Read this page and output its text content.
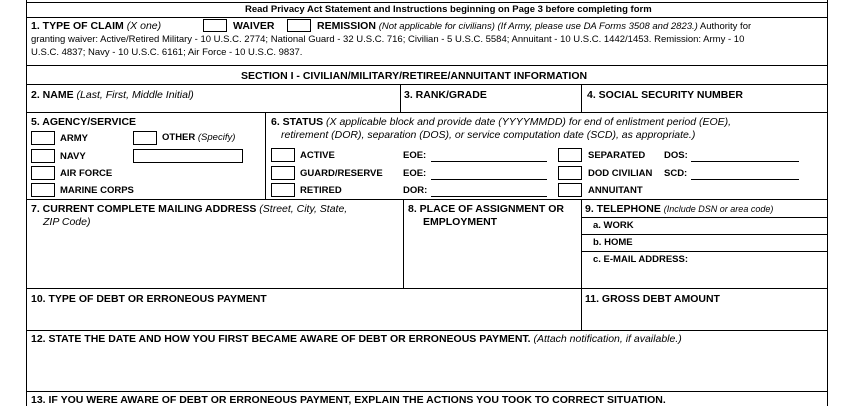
Read Privacy Act Statement and Instructions beginning on Page 3 before completing form
1. TYPE OF CLAIM (X one)	WAIVER	REMISSION (Not applicable for civilians) (If Army, please use DA Forms 3508 and 2823.) Authority for
granting waiver: Active/Retired Military - 10 U.S.C. 2774; National Guard - 32 U.S.C. 716; Civilian - 5 U.S.C. 5584; Annuitant - 10 U.S.C. 1442/1453. Remission: Army - 10
U.S.C. 4837; Navy - 10 U.S.C. 6161; Air Force - 10 U.S.C. 9837.
SECTION I - CIVILIAN/MILITARY/RETIREE/ANNUITANT INFORMATION
2. NAME (Last, First, Middle Initial)	3. RANK/GRADE	4. SOCIAL SECURITY NUMBER
5. AGENCY/SERVICE
ARMY	OTHER (Specify)
NAVY
AIR FORCE
MARINE CORPS
6. STATUS (X applicable block and provide date (YYYYMMDD) for end of enlistment period (EOE),
retirement (DOR), separation (DOS), or service computation date (SCD), as appropriate.)
ACTIVE	EOE:
GUARD/RESERVE EOE:
RETIRED	DOR:
SEPARATED DOS:
DOD CIVILIAN SCD:
ANNUITANT
7. CURRENT COMPLETE MAILING ADDRESS (Street, City, State,
ZIP Code)
8. PLACE OF ASSIGNMENT OR
EMPLOYMENT
9. TELEPHONE (Include DSN or area code)
a. WORK
b. HOME
c. E-MAIL ADDRESS:
10. TYPE OF DEBT OR ERRONEOUS PAYMENT	11. GROSS DEBT AMOUNT
12. STATE THE DATE AND HOW YOU FIRST BECAME AWARE OF DEBT OR ERRONEOUS PAYMENT. (Attach notification, if available.)
13. IF YOU WERE AWARE OF DEBT OR ERRONEOUS PAYMENT, EXPLAIN THE ACTIONS YOU TOOK TO CORRECT SITUATION.
